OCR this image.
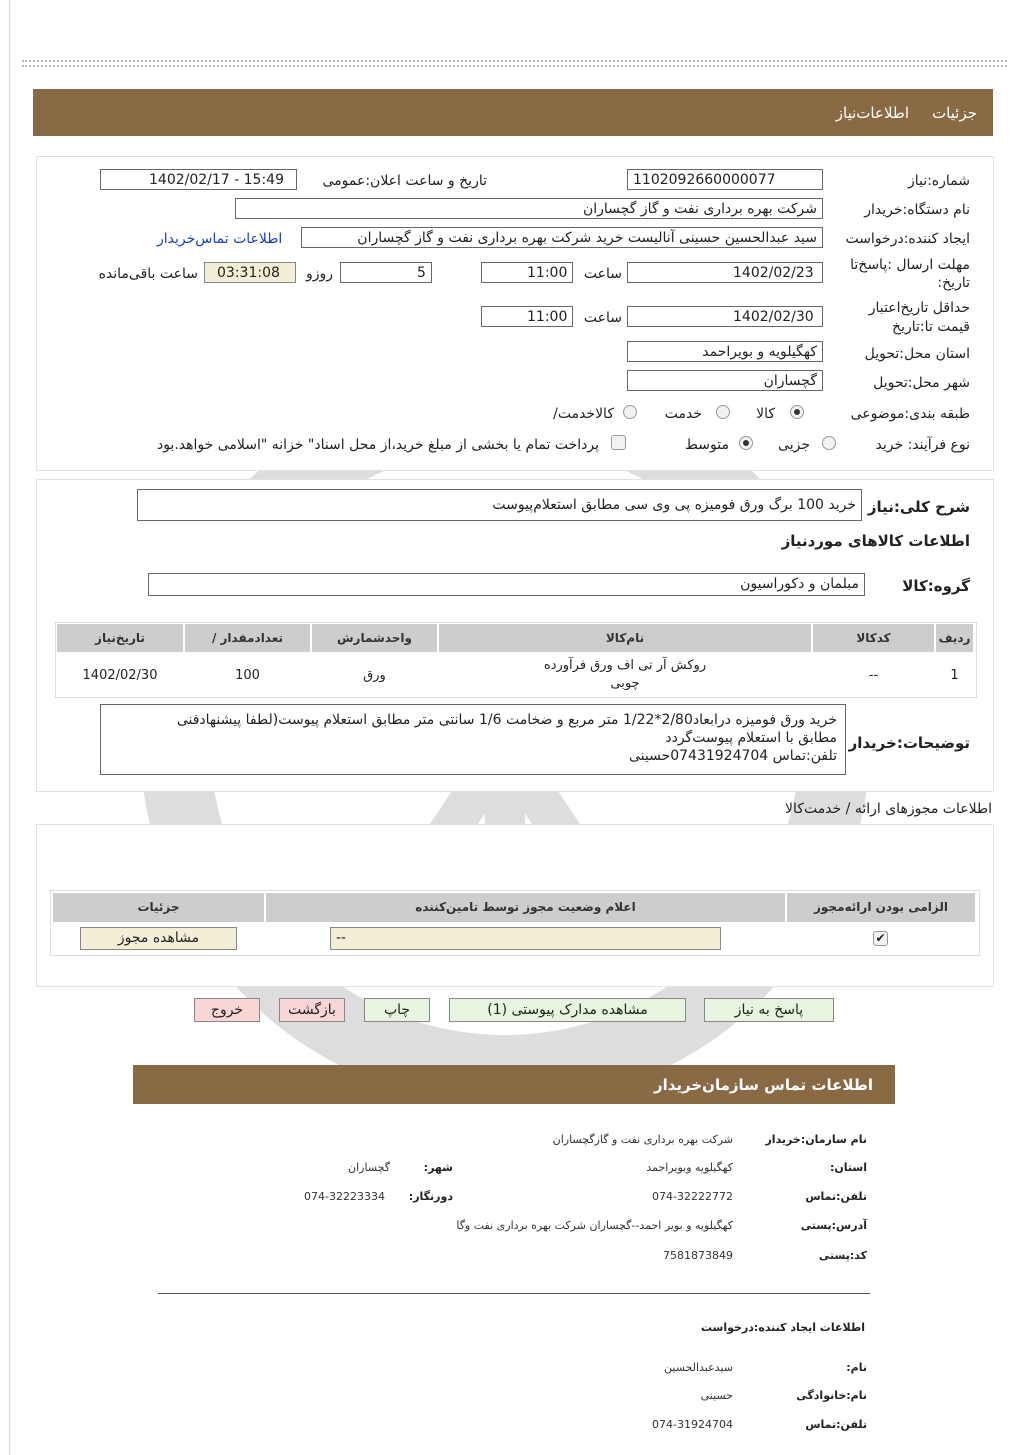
جزئیات
اطلاعات‌نیاز
شماره:نیاز
1102092660000077
تاریخ و ساعت اعلان:عمومی
1402/02/17 - 15:49
نام دستگاه:خریدار
شرکت بهره برداری نفت و گاز گچساران
ایجاد کننده:درخواست
سید عبدالحسین حسینی آنالیست خرید شرکت بهره برداری نفت و گاز گچساران
اطلاعات تماس‌خریدار
مهلت ارسال :پاسخ‌تا
:تاریخ
1402/02/23
ساعت
11:00
5
روزو
03:31:08
ساعت باقی‌مانده
حداقل تاریخ‌اعتبار
قیمت تا:تاریخ
1402/02/30
ساعت
11:00
استان محل:تحویل
کهگیلویه و بویراحمد
شهر محل:تحویل
گچساران
طبقه بندی:موضوعی
کالا
خدمت
/کالاخدمت
نوع فرآیند: خرید
جزیی
متوسط
پرداخت تمام یا بخشی از مبلغ خرید،از محل اسناد" خزانه "اسلامی خواهد.بود
شرح کلی:نیاز
خرید 100 برگ ورق فومیزه پی وی سی مطابق استعلام‌پیوست
اطلاعات کالاهای موردنیاز
گروه:کالا
مبلمان و دکوراسیون
ردیف
کدکالا
نام‌کالا
واحدشمارش
/ تعدادمقدار
تاریخ‌نیاز
1
--
روکش آر تی اف ورق فرآورده
چوبی
ورق
100
1402/02/30
توضیحات:خریدار
خرید ورق فومیزه درابعاد2/80*1/22 متر مربع و ضخامت 1/6 سانتی متر مطابق استعلام پیوست(لطفا پیشنهادفنی
مطابق با استعلام پیوست‌گردد
تلفن:تماس 07431924704حسینی
اطلاعات مجوزهای ارائه / خدمت‌کالا
الزامی بودن ارائه‌مجوز
اعلام وضعیت مجوز توسط تامین‌کننده
جزئیات
✔
--
مشاهده مجوز
پاسخ به نیاز
مشاهده مدارک پیوستی (1)
چاپ
بازگشت
خروج
اطلاعات تماس سازمان‌خریدار
نام سازمان:خریدار
شرکت بهره برداری نفت و گازگچساران
:استان
کهگیلویه وبویراحمد
:شهر
گچساران
تلفن:تماس
074-32222772
:دورنگار
074-32223334
آدرس:پستی
کهگیلویه و بویر احمد--گچساران شرکت بهره برداری نفت وگا
کد:پستی
7581873849
اطلاعات ایجاد کننده:درخواست
:نام
سیدعبدالحسین
نام:خانوادگی
حسینی
تلفن:تماس
074-31924704
